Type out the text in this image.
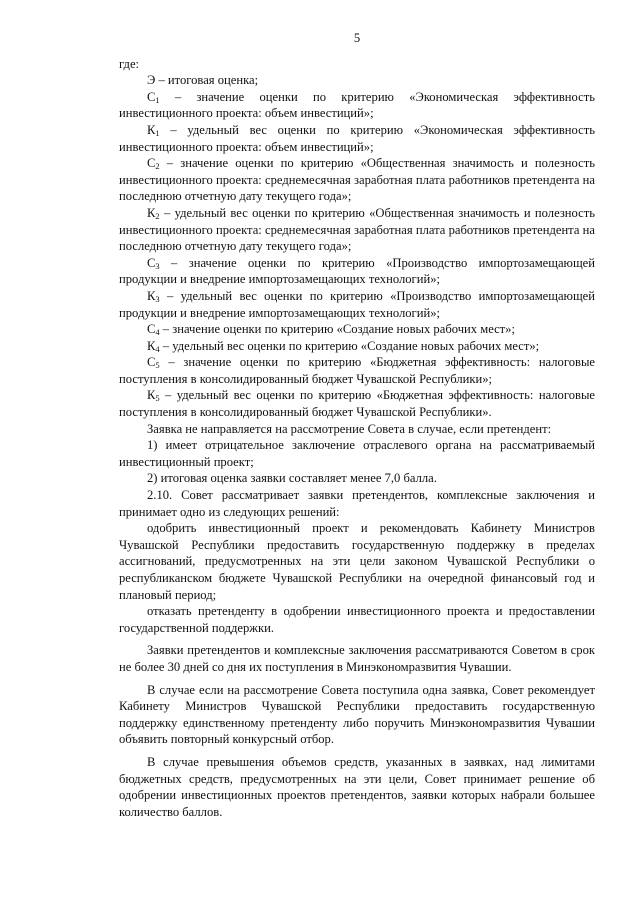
5

где:

Э – итоговая оценка;

$С_1$ – значение оценки по критерию «Экономическая эффективность инвестиционного проекта: объем инвестиций»;

$К_1$ – удельный вес оценки по критерию «Экономическая эффективность инвестиционного проекта: объем инвестиций»;

$С_2$ – значение оценки по критерию «Общественная значимость и полезность инвестиционного проекта: среднемесячная заработная плата работников претендента на последнюю отчетную дату текущего года»;

$К_2$ – удельный вес оценки по критерию «Общественная значимость и полезность инвестиционного проекта: среднемесячная заработная плата работников претендента на последнюю отчетную дату текущего года»;

$С_3$ – значение оценки по критерию «Производство импортозамещающей продукции и внедрение импортозамещающих технологий»;

$К_3$ – удельный вес оценки по критерию «Производство импортозамещающей продукции и внедрение импортозамещающих технологий»;

$С_4$ – значение оценки по критерию «Создание новых рабочих мест»;

$К_4$ – удельный вес оценки по критерию «Создание новых рабочих мест»;

$С_5$ – значение оценки по критерию «Бюджетная эффективность: налоговые поступления в консолидированный бюджет Чувашской Республики»;

$К_5$ – удельный вес оценки по критерию «Бюджетная эффективность: налоговые поступления в консолидированный бюджет Чувашской Республики».

Заявка не направляется на рассмотрение Совета в случае, если претендент:

1) имеет отрицательное заключение отраслевого органа на рассматриваемый инвестиционный проект;

2) итоговая оценка заявки составляет менее 7,0 балла.

2.10. Совет рассматривает заявки претендентов, комплексные заключения и принимает одно из следующих решений:

одобрить инвестиционный проект и рекомендовать Кабинету Министров Чувашской Республики предоставить государственную поддержку в пределах ассигнований, предусмотренных на эти цели законом Чувашской Республики о республиканском бюджете Чувашской Республики на очередной финансовый год и плановый период;

отказать претенденту в одобрении инвестиционного проекта и предоставлении государственной поддержки.

Заявки претендентов и комплексные заключения рассматриваются Советом в срок не более 30 дней со дня их поступления в Минэкономразвития Чувашии.

В случае если на рассмотрение Совета поступила одна заявка, Совет рекомендует Кабинету Министров Чувашской Республики предоставить государственную поддержку единственному претенденту либо поручить Минэкономразвития Чувашии объявить повторный конкурсный отбор.

В случае превышения объемов средств, указанных в заявках, над лимитами бюджетных средств, предусмотренных на эти цели, Совет принимает решение об одобрении инвестиционных проектов претендентов, заявки которых набрали большее количество баллов.
